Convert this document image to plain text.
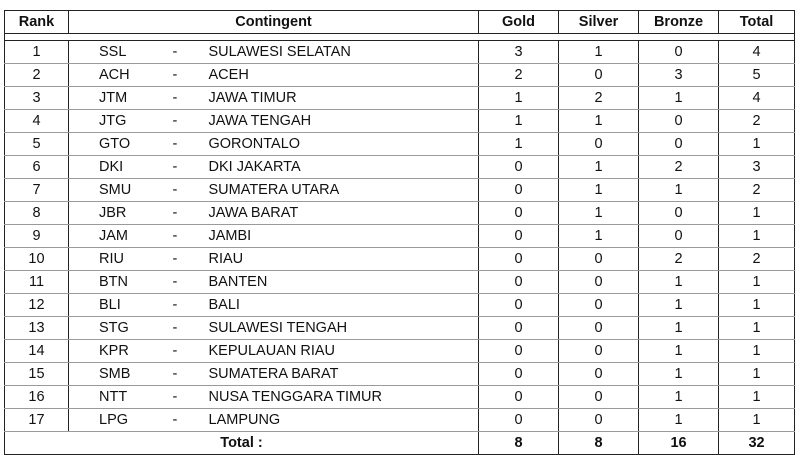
Rank	Contingent			Gold	Silver	Bronze	Total

1	SSL	-	SULAWESI SELATAN	3	1	0	4
2	ACH	-	ACEH	2	0	3	5
3	JTM	-	JAWA TIMUR	1	2	1	4
4	JTG	-	JAWA TENGAH	1	1	0	2
5	GTO	-	GORONTALO	1	0	0	1
6	DKI	-	DKI JAKARTA	0	1	2	3
7	SMU	-	SUMATERA UTARA	0	1	1	2
8	JBR	-	JAWA BARAT	0	1	0	1
9	JAM	-	JAMBI	0	1	0	1
10	RIU	-	RIAU	0	0	2	2
11	BTN	-	BANTEN	0	0	1	1
12	BLI	-	BALI	0	0	1	1
13	STG	-	SULAWESI TENGAH	0	0	1	1
14	KPR	-	KEPULAUAN RIAU	0	0	1	1
15	SMB	-	SUMATERA BARAT	0	0	1	1
16	NTT	-	NUSA TENGGARA TIMUR	0	0	1	1
17	LPG	-	LAMPUNG	0	0	1	1
Total :				8	8	16	32
